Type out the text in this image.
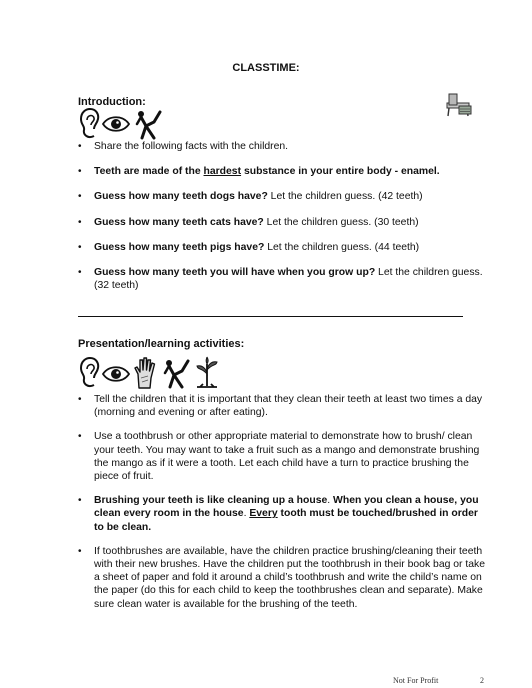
CLASSTIME:
Introduction:
• Share the following facts with the children.
• Teeth are made of the hardest substance in your entire body - enamel.
• Guess how many teeth dogs have? Let the children guess. (42 teeth)
• Guess how many teeth cats have? Let the children guess. (30 teeth)
• Guess how many teeth pigs have? Let the children guess. (44 teeth)
• Guess how many teeth you will have when you grow up? Let the children guess. (32 teeth)
Presentation/learning activities:
• Tell the children that it is important that they clean their teeth at least two times a day (morning and evening or after eating).
• Use a toothbrush or other appropriate material to demonstrate how to brush/ clean your teeth. You may want to take a fruit such as a mango and demonstrate brushing the mango as if it were a tooth. Let each child have a turn to practice brushing the piece of fruit.
• Brushing your teeth is like cleaning up a house. When you clean a house, you clean every room in the house. Every tooth must be touched/brushed in order to be clean.
• If toothbrushes are available, have the children practice brushing/cleaning their teeth with their new brushes. Have the children put the toothbrush in their book bag or take a sheet of paper and fold it around a child’s toothbrush and write the child’s name on the paper (do this for each child to keep the toothbrushes clean and separate). Make sure clean water is available for the brushing of the teeth.
Not For Profit	2
